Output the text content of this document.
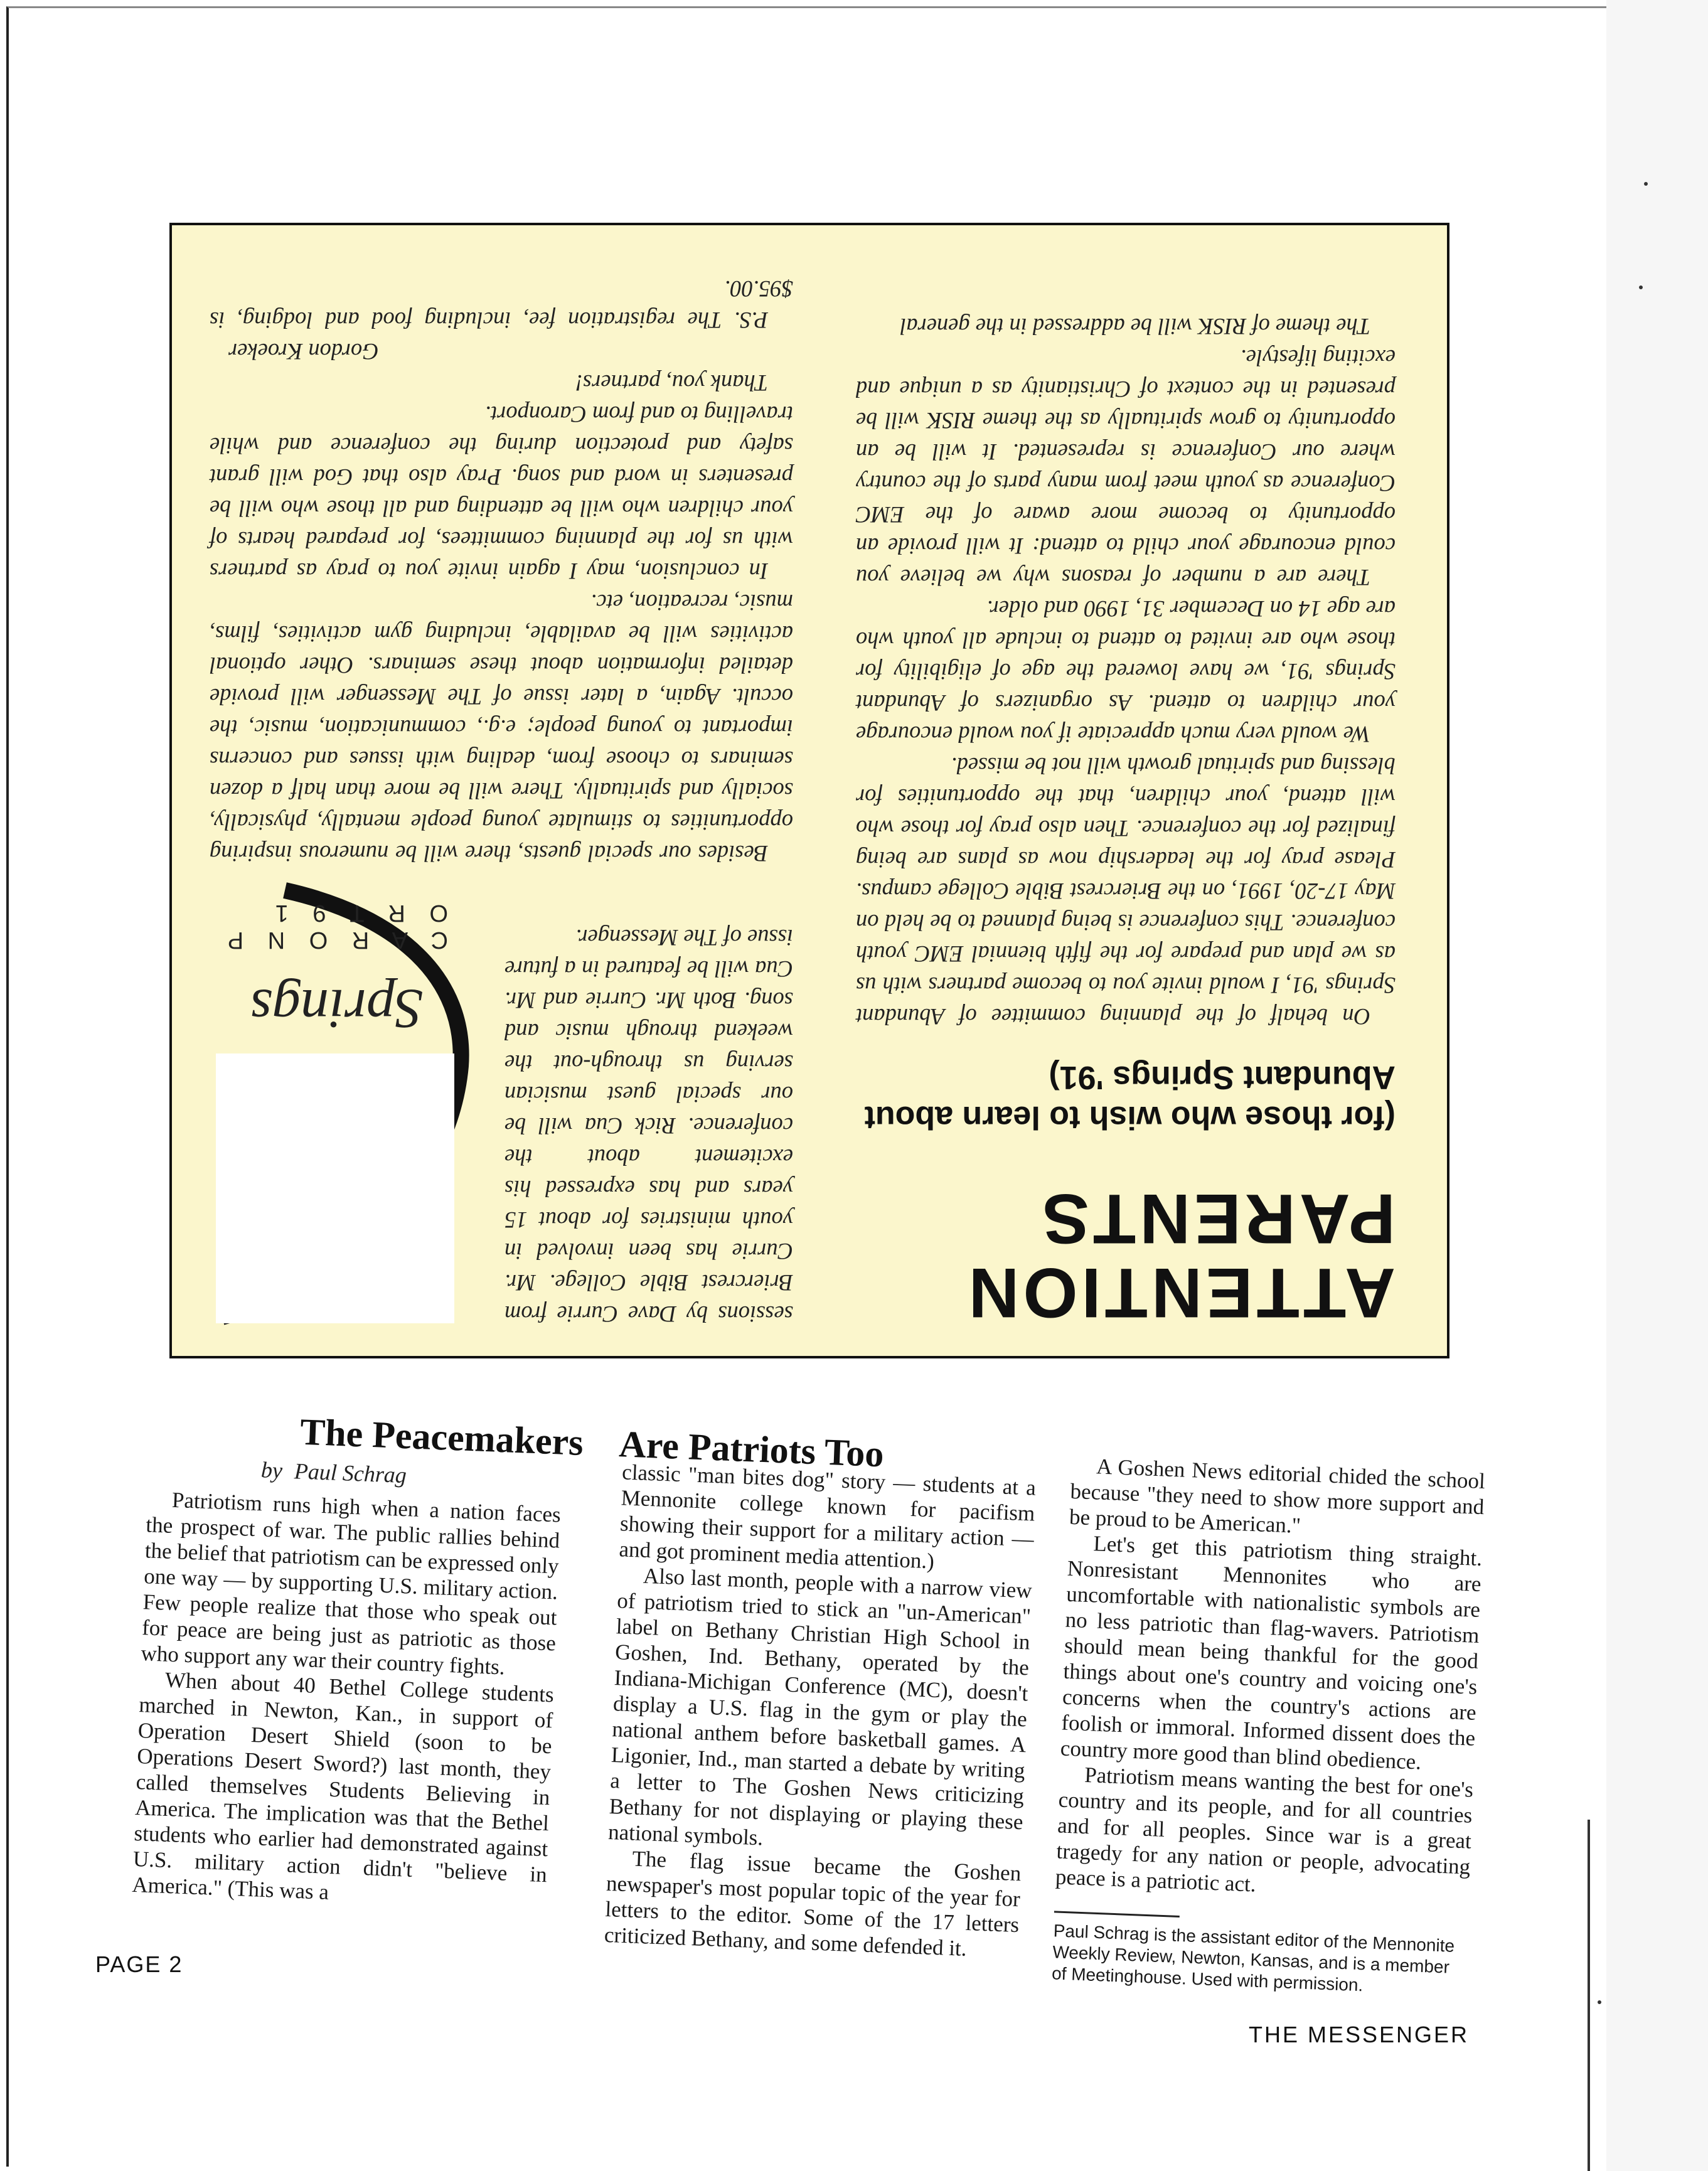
ATTENTION
PARENTS
(for those who wish to learn about Abundant Springs '91)

On behalf of the planning committee of Abundant Springs '91, I would invite you to become partners with us as we plan and prepare for the fifth biennial EMC youth conference. This conference is being planned to be held on May 17-20, 1991, on the Briercrest Bible College campus. Please pray for the leadership now as plans are being finalized for the conference. Then also pray for those who will attend, your children, that the opportunities for blessing and spiritual growth will not be missed.

We would very much appreciate if you would encourage your children to attend. As organizers of Abundant Springs '91, we have lowered the age of eligibility for those who are invited to attend to include all youth who are age 14 on December 31, 1990 and older.

There are a number of reasons why we believe you could encourage your child to attend: It will provide an opportunity to become more aware of the EMC Conference as youth meet from many parts of the country where our Conference is represented. It will be an opportunity to grow spiritually as the theme RISK will be presented in the context of Christianity as a unique and exciting lifestyle.

The theme of RISK will be addressed in the general

sessions by Dave Currie from Briercrest Bible College. Mr. Currie has been involved in youth ministries for about 15 years and has expressed his excitement about the conference. Rick Cua will be our special guest musician serving us through-out the weekend through music and song. Both Mr. Currie and Mr. Cua will be featured in a future issue of The Messenger.

Springs
C A R O N P O R T 9 1

Besides our special guests, there will be numerous inspiring opportunities to stimulate young people mentally, physically, socially and spiritually. There will be more than half a dozen seminars to choose from, dealing with issues and concerns important to young people; e.g., communication, music, the occult. Again, a later issue of The Messenger will provide detailed information about these seminars. Other optional activities will be available, including gym activities, films, music, recreation, etc.

In conclusion, may I again invite you to pray as partners with us for the planning committees, for prepared hearts of your children who will be attending and all those who will be presenters in word and song. Pray also that God will grant safety and protection during the conference and while travelling to and from Caronport.

Thank you, partners!

Gordon Kroeker

P.S. The registration fee, including food and lodging, is $95.00.

The Peacemakers Are Patriots Too
by Paul Schrag

Patriotism runs high when a nation faces the prospect of war. The public rallies behind the belief that patriotism can be expressed only one way — by supporting U.S. military action. Few people realize that those who speak out for peace are being just as patriotic as those who support any war their country fights.

When about 40 Bethel College students marched in Newton, Kan., in support of Operation Desert Shield (soon to be Operations Desert Sword?) last month, they called themselves Students Believing in America. The implication was that the Bethel students who earlier had demonstrated against U.S. military action didn't "believe in America." (This was a

classic "man bites dog" story — students at a Mennonite college known for pacifism showing their support for a military action — and got prominent media attention.)

Also last month, people with a narrow view of patriotism tried to stick an "un-American" label on Bethany Christian High School in Goshen, Ind. Bethany, operated by the Indiana-Michigan Conference (MC), doesn't display a U.S. flag in the gym or play the national anthem before basketball games. A Ligonier, Ind., man started a debate by writing a letter to The Goshen News criticizing Bethany for not displaying or playing these national symbols.

The flag issue became the Goshen newspaper's most popular topic of the year for letters to the editor. Some of the 17 letters criticized Bethany, and some defended it.

A Goshen News editorial chided the school because "they need to show more support and be proud to be American."

Let's get this patriotism thing straight. Nonresistant Mennonites who are uncomfortable with nationalistic symbols are no less patriotic than flag-wavers. Patriotism should mean being thankful for the good things about one's country and voicing one's concerns when the country's actions are foolish or immoral. Informed dissent does the country more good than blind obedience.

Patriotism means wanting the best for one's country and its people, and for all countries and for all peoples. Since war is a great tragedy for any nation or people, advocating peace is a patriotic act.

Paul Schrag is the assistant editor of the Mennonite Weekly Review, Newton, Kansas, and is a member of Meetinghouse. Used with permission.

PAGE 2
THE MESSENGER
